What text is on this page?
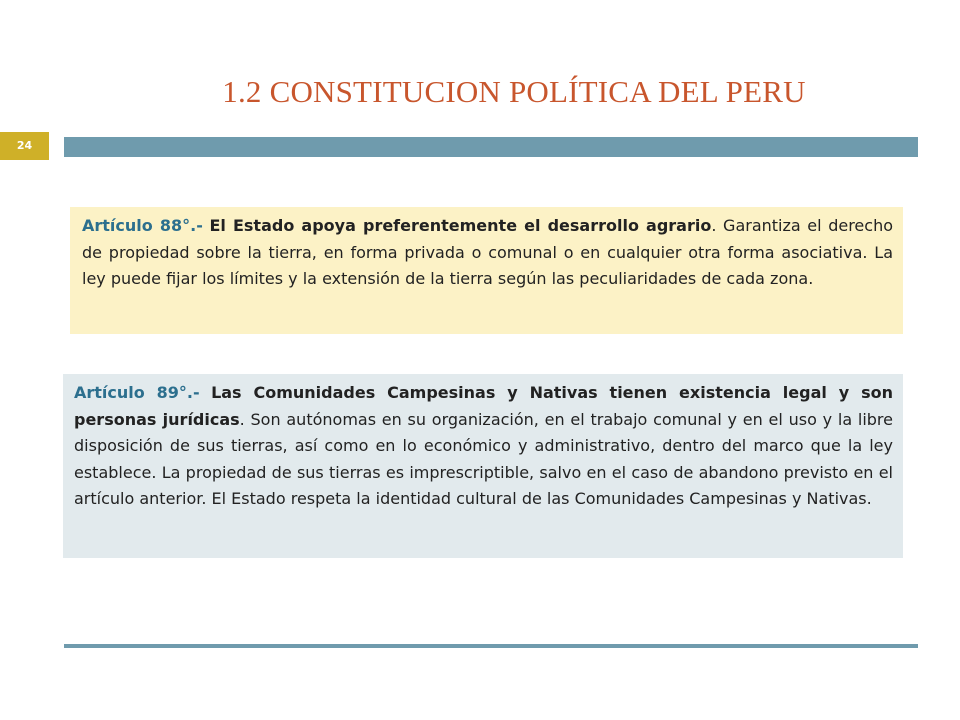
1.2 CONSTITUCION POLÍTICA DEL PERU
24
Artículo 88°.- El Estado apoya preferentemente el desarrollo agrario. Garantiza el derecho de propiedad sobre la tierra, en forma privada o comunal o en cualquier otra forma asociativa. La ley puede fijar los límites y la extensión de la tierra según las peculiaridades de cada zona.
Artículo 89°.- Las Comunidades Campesinas y Nativas tienen existencia legal y son personas jurídicas. Son autónomas en su organización, en el trabajo comunal y en el uso y la libre disposición de sus tierras, así como en lo económico y administrativo, dentro del marco que la ley establece. La propiedad de sus tierras es imprescriptible, salvo en el caso de abandono previsto en el artículo anterior. El Estado respeta la identidad cultural de las Comunidades Campesinas y Nativas.
